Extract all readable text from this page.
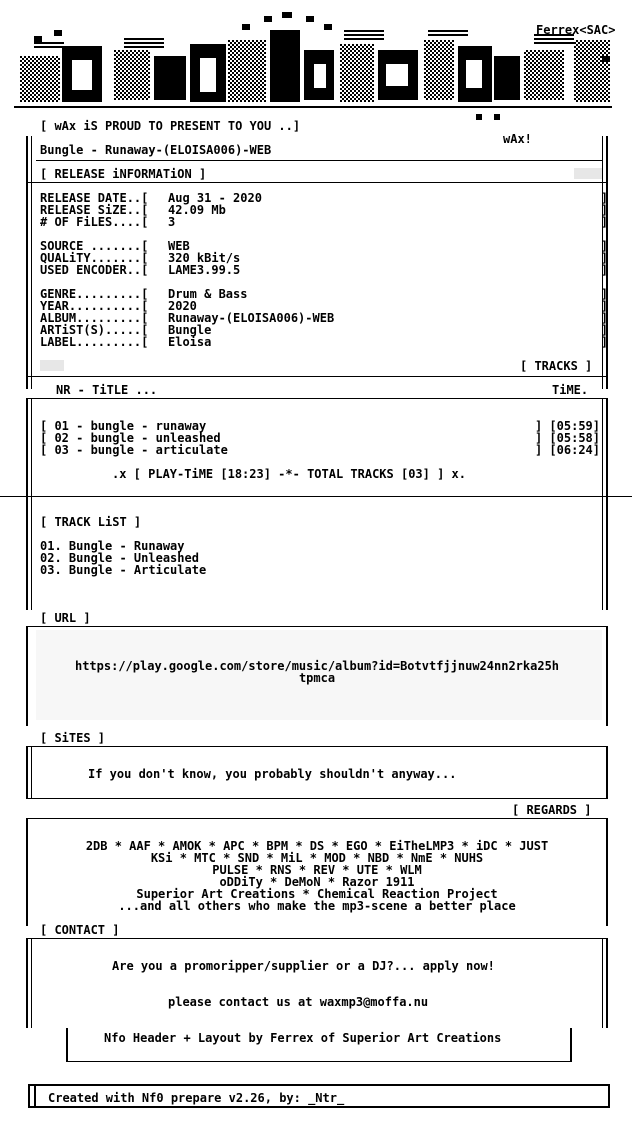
Ferrex<SAC>
wAx!
[ wAx iS PROUD TO PRESENT TO YOU ..]
Bungle - Runaway-(ELOISA006)-WEB
[ RELEASE iNFORMATiON ]
RELEASE DATE..[ Aug 31 - 2020	]
RELEASE SiZE..[ 42.09 Mb	]
# OF FiLES....[ 3	]
SOURCE .......[ WEB	]
QUALiTY.......[ 320 kBit/s	]
USED ENCODER..[ LAME3.99.5	]
GENRE.........[ Drum & Bass	]
YEAR..........[ 2020	]
ALBUM.........[ Runaway-(ELOISA006)-WEB	]
ARTiST(S).....[ Bungle	]
LABEL.........[ Eloisa	]
[ TRACKS ]
NR - TiTLE ...	TiME.
[ 01 - bungle - runaway	] [05:59]
[ 02 - bungle - unleashed	] [05:58]
[ 03 - bungle - articulate	] [06:24]
.x [ PLAY-TiME [18:23] -*- TOTAL TRACKS [03] ] x.
[ TRACK LiST ]
01. Bungle - Runaway
02. Bungle - Unleashed
03. Bungle - Articulate
[ URL ]
https://play.google.com/store/music/album?id=Botvtfjjnuw24nn2rka25h
tpmca
[ SiTES ]
If you don't know, you probably shouldn't anyway...
[ REGARDS ]
2DB * AAF * AMOK * APC * BPM * DS * EGO * EiTheLMP3 * iDC * JUST
KSi * MTC * SND * MiL * MOD * NBD * NmE * NUHS
PULSE * RNS * REV * UTE * WLM
oDDiTy * DeMoN * Razor 1911
Superior Art Creations * Chemical Reaction Project
...and all others who make the mp3-scene a better place
[ CONTACT ]
Are you a promoripper/supplier or a DJ?... apply now!
please contact us at waxmp3@moffa.nu
Nfo Header + Layout by Ferrex of Superior Art Creations
Created with Nf0 prepare v2.26, by: _Ntr_
